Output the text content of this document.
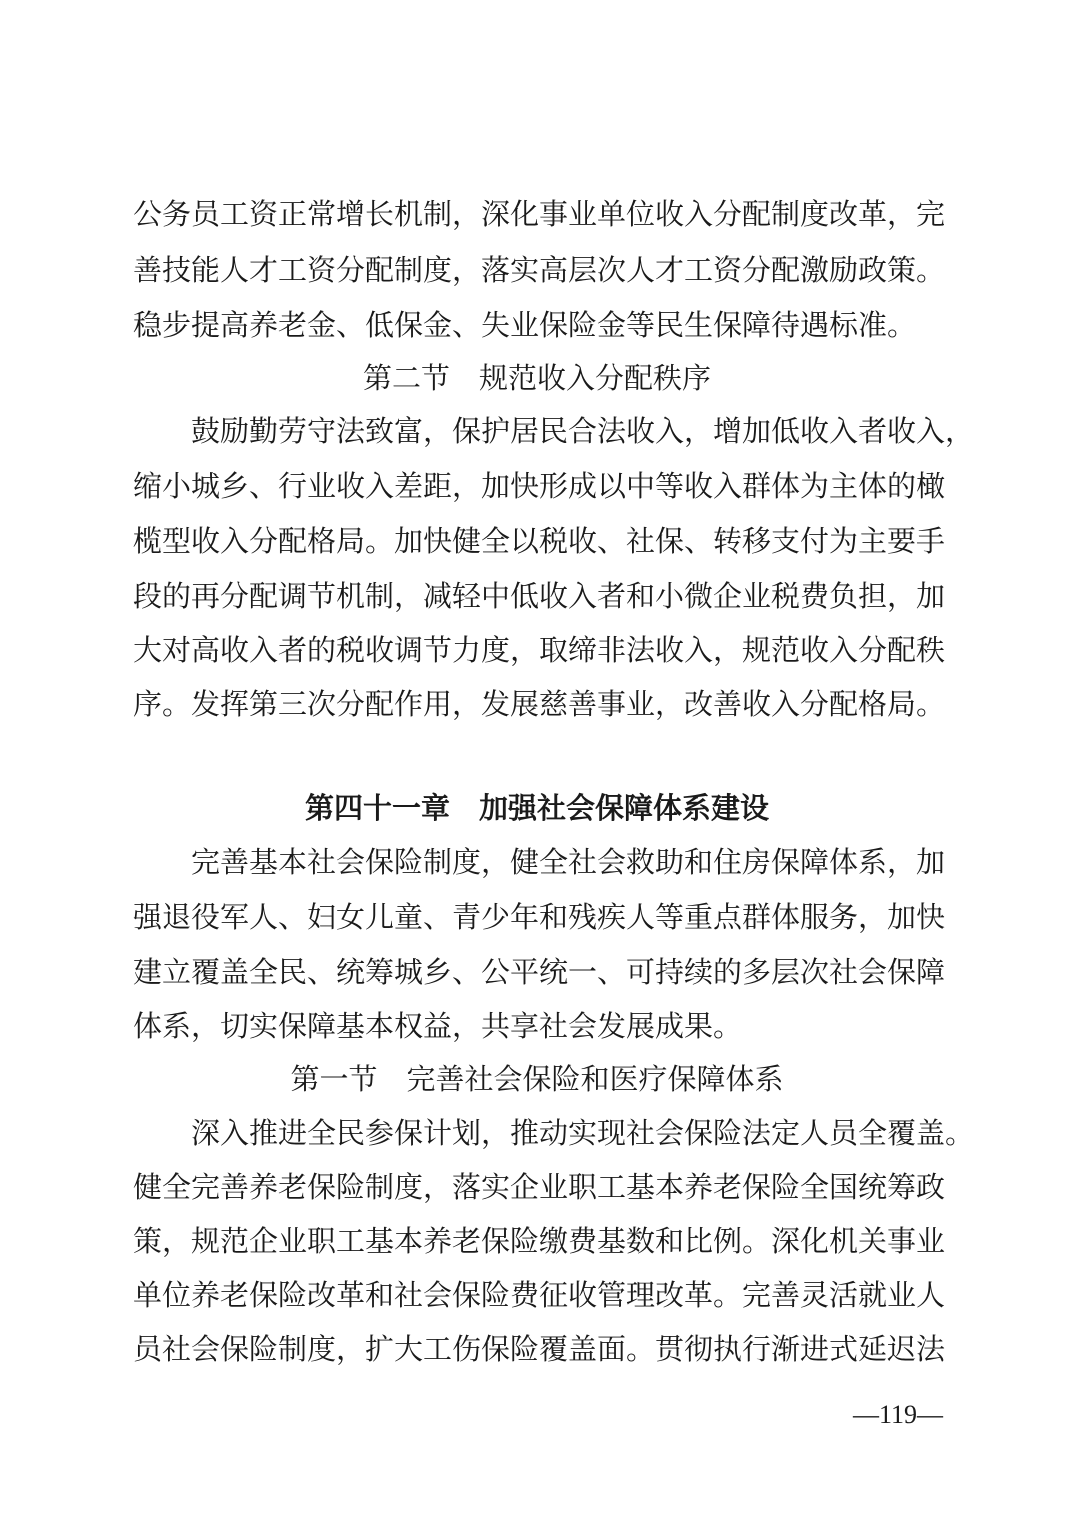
公务员工资正常增长机制，深化事业单位收入分配制度改革，完
善技能人才工资分配制度，落实高层次人才工资分配激励政策。
稳步提高养老金、低保金、失业保险金等民生保障待遇标准。
第二节　规范收入分配秩序
鼓励勤劳守法致富，保护居民合法收入，增加低收入者收入，
缩小城乡、行业收入差距，加快形成以中等收入群体为主体的橄
榄型收入分配格局。加快健全以税收、社保、转移支付为主要手
段的再分配调节机制，减轻中低收入者和小微企业税费负担，加
大对高收入者的税收调节力度，取缔非法收入，规范收入分配秩
序。发挥第三次分配作用，发展慈善事业，改善收入分配格局。
第四十一章　加强社会保障体系建设
完善基本社会保险制度，健全社会救助和住房保障体系，加
强退役军人、妇女儿童、青少年和残疾人等重点群体服务，加快
建立覆盖全民、统筹城乡、公平统一、可持续的多层次社会保障
体系，切实保障基本权益，共享社会发展成果。
第一节　完善社会保险和医疗保障体系
深入推进全民参保计划，推动实现社会保险法定人员全覆盖。
健全完善养老保险制度，落实企业职工基本养老保险全国统筹政
策，规范企业职工基本养老保险缴费基数和比例。深化机关事业
单位养老保险改革和社会保险费征收管理改革。完善灵活就业人
员社会保险制度，扩大工伤保险覆盖面。贯彻执行渐进式延迟法
—119—
